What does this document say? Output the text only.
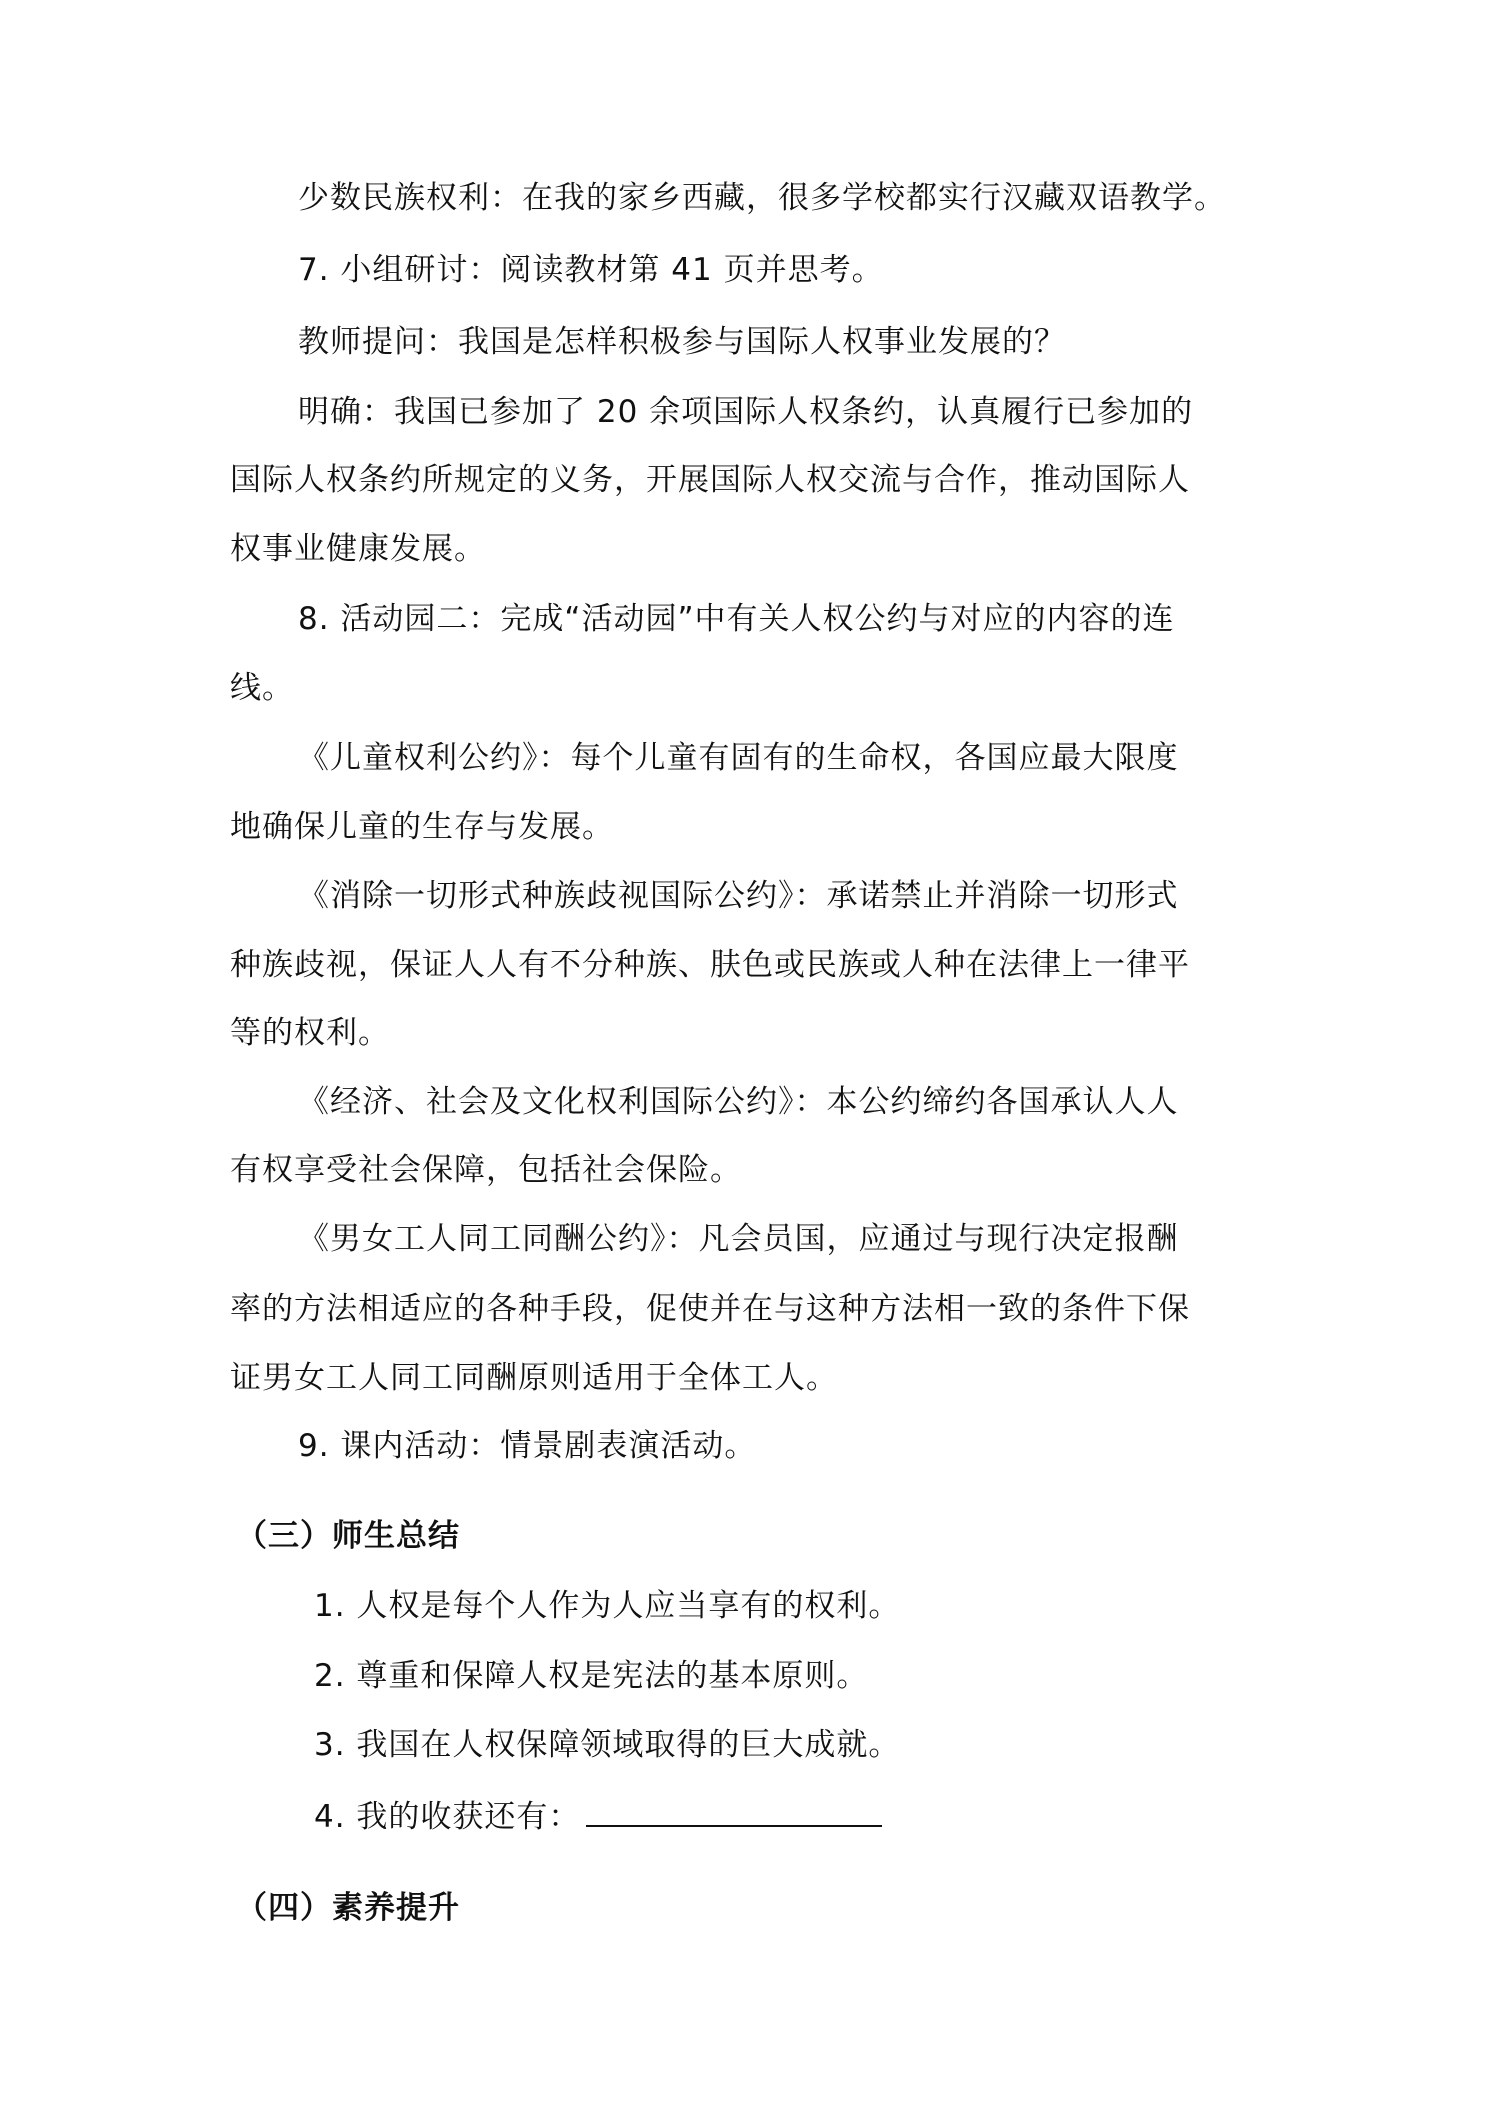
少数民族权利：在我的家乡西藏，很多学校都实行汉藏双语教学。
7. 小组研讨：阅读教材第 41 页并思考。
教师提问：我国是怎样积极参与国际人权事业发展的？
明确：我国已参加了 20 余项国际人权条约，认真履行已参加的
国际人权条约所规定的义务，开展国际人权交流与合作，推动国际人
权事业健康发展。
8. 活动园二：完成“活动园”中有关人权公约与对应的内容的连
线。
《儿童权利公约》：每个儿童有固有的生命权，各国应最大限度
地确保儿童的生存与发展。
《消除一切形式种族歧视国际公约》：承诺禁止并消除一切形式
种族歧视，保证人人有不分种族、肤色或民族或人种在法律上一律平
等的权利。
《经济、社会及文化权利国际公约》：本公约缔约各国承认人人
有权享受社会保障，包括社会保险。
《男女工人同工同酬公约》：凡会员国，应通过与现行决定报酬
率的方法相适应的各种手段，促使并在与这种方法相一致的条件下保
证男女工人同工同酬原则适用于全体工人。
9. 课内活动：情景剧表演活动。
（三）师生总结
1. 人权是每个人作为人应当享有的权利。
2. 尊重和保障人权是宪法的基本原则。
3. 我国在人权保障领域取得的巨大成就。
4. 我的收获还有：
（四）素养提升
